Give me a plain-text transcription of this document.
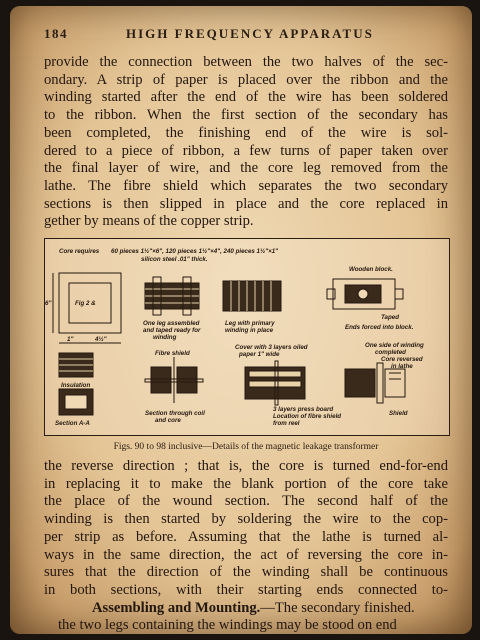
184	HIGH FREQUENCY APPARATUS
provide the connection between the two halves of the sec-
ondary. A strip of paper is placed over the ribbon and the
winding started after the end of the wire has been soldered
to the ribbon. When the first section of the secondary has
been completed, the finishing end of the wire is sol-
dered to a piece of ribbon, a few turns of paper taken over
the final layer of wire, and the core leg removed from the
lathe. The fibre shield which separates the two secondary
sections is then slipped in place and the core replaced in
gether by means of the copper strip.
Core requires 60 pieces 1½"×6", 120 pieces 1½"×4", 240 pieces 1½"×1"
silicon steel .01" thick.
6"	Fig 2 &
1"	4½"
One leg assembled
and taped ready for
winding
Leg with primary
winding in place
Wooden block.
Taped
Ends forced into block.
Insulation
Section A-A
Fibre shield
Section through coil
and core
Cover with 3 layers oiled
paper 1" wide
3 layers press board
Location of fibre shield
from reel
One side of winding
completed
Core reversed
in lathe
Shield
Figs. 90 to 98 inclusive—Details of the magnetic leakage transformer
the reverse direction ; that is, the core is turned end-for-end
in replacing it to make the blank portion of the core take
the place of the wound section. The second half of the
winding is then started by soldering the wire to the cop-
per strip as before. Assuming that the lathe is turned al-
ways in the same direction, the act of reversing the core in-
sures that the direction of the winding shall be continuous
in both sections, with their starting ends connected to-
Assembling and Mounting.—The secondary finished.
the two legs containing the windings may be stood on end
